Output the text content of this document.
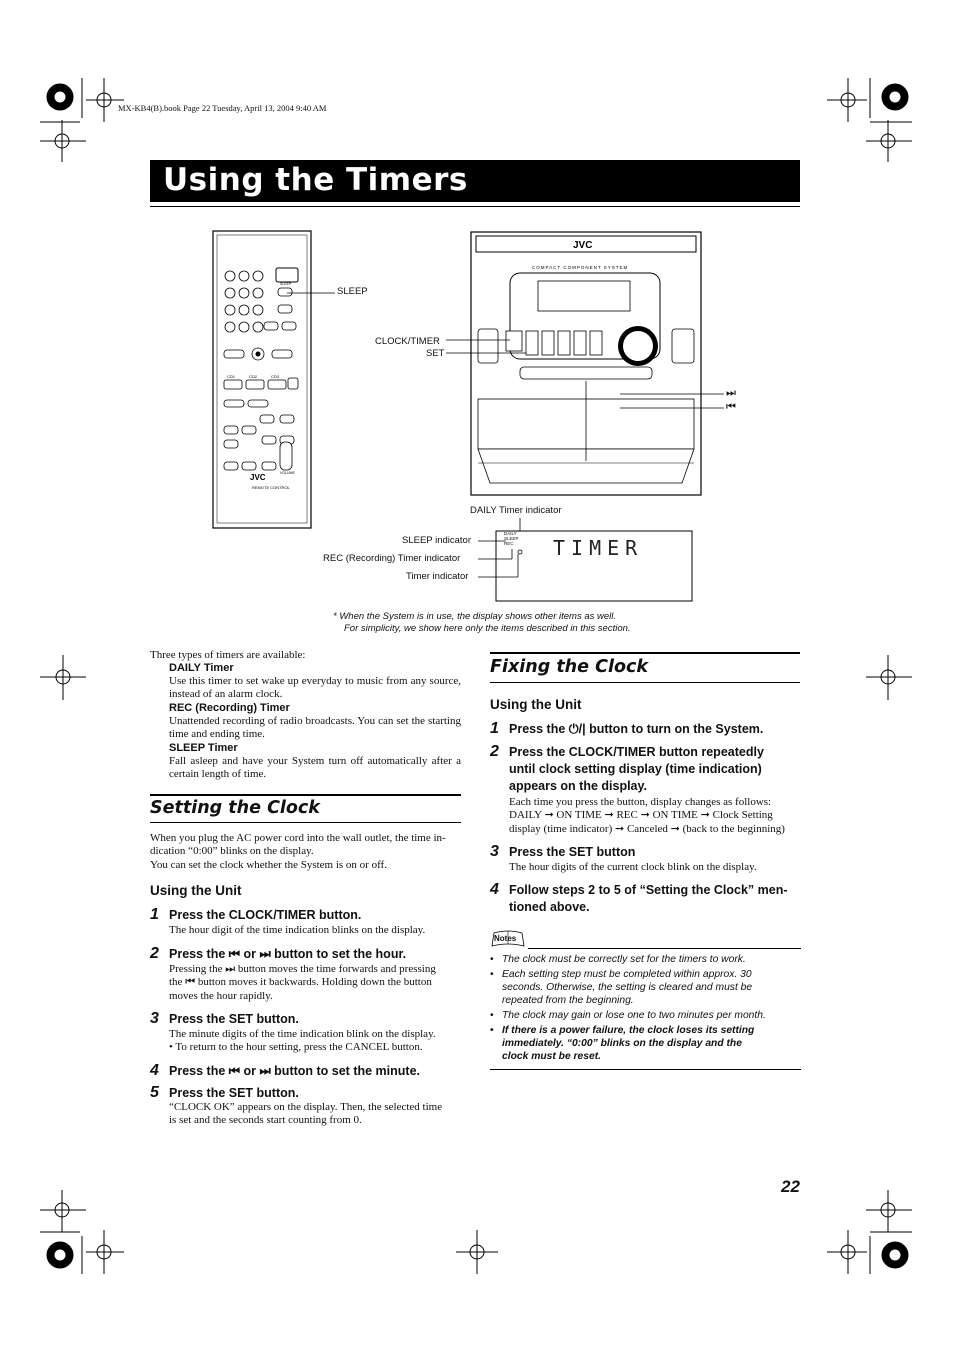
MX-KB4(B).book Page 22 Tuesday, April 13, 2004 9:40 AM
Using the Timers
JVC
REMOTE CONTROL
VOLUME
SLEEP
CD1	CD2	CD3
SLEEP
JVC
COMPACT COMPONENT SYSTEM
CLOCK/TIMER
SET
⏭
⏮
DAILY Timer indicator
SLEEP indicator
REC (Recording) Timer indicator
Timer indicator
DAILY
SLEEP
REC TIMER
* When the System is in use, the display shows other items as well.
For simplicity, we show here only the items described in this section.
Three types of timers are available:
DAILY Timer
Use this timer to set wake up everyday to music from any source, instead of an alarm clock.
REC (Recording) Timer
Unattended recording of radio broadcasts. You can set the starting time and ending time.
SLEEP Timer
Fall asleep and have your System turn off automatically after a certain length of time.
Setting the Clock
When you plug the AC power cord into the wall outlet, the time in-
dication “0:00” blinks on the display.
You can set the clock whether the System is on or off.
Using the Unit
1 Press the CLOCK/TIMER button.
The hour digit of the time indication blinks on the display.
2 Press the ⏮ or ⏭ button to set the hour.
Pressing the ⏭ button moves the time forwards and pressing
the ⏮ button moves it backwards. Holding down the button
moves the hour rapidly.
3 Press the SET button.
The minute digits of the time indication blink on the display.
• To return to the hour setting, press the CANCEL button.
4 Press the ⏮ or ⏭ button to set the minute.
5 Press the SET button.
“CLOCK OK” appears on the display. Then, the selected time
is set and the seconds start counting from 0.
Fixing the Clock
Using the Unit
1 Press the ⏻/| button to turn on the System.
2 Press the CLOCK/TIMER button repeatedly
until clock setting display (time indication)
appears on the display.
Each time you press the button, display changes as follows:
DAILY ➞ ON TIME ➞ REC ➞ ON TIME ➞ Clock Setting
display (time indicator) ➞ Canceled ➞ (back to the beginning)
3 Press the SET button
The hour digits of the current clock blink on the display.
4 Follow steps 2 to 5 of “Setting the Clock” men-
tioned above.
Notes
• The clock must be correctly set for the timers to work.
• Each setting step must be completed within approx. 30
seconds. Otherwise, the setting is cleared and must be
repeated from the beginning.
• The clock may gain or lose one to two minutes per month.
• If there is a power failure, the clock loses its setting
immediately. “0:00” blinks on the display and the
clock must be reset.
22
